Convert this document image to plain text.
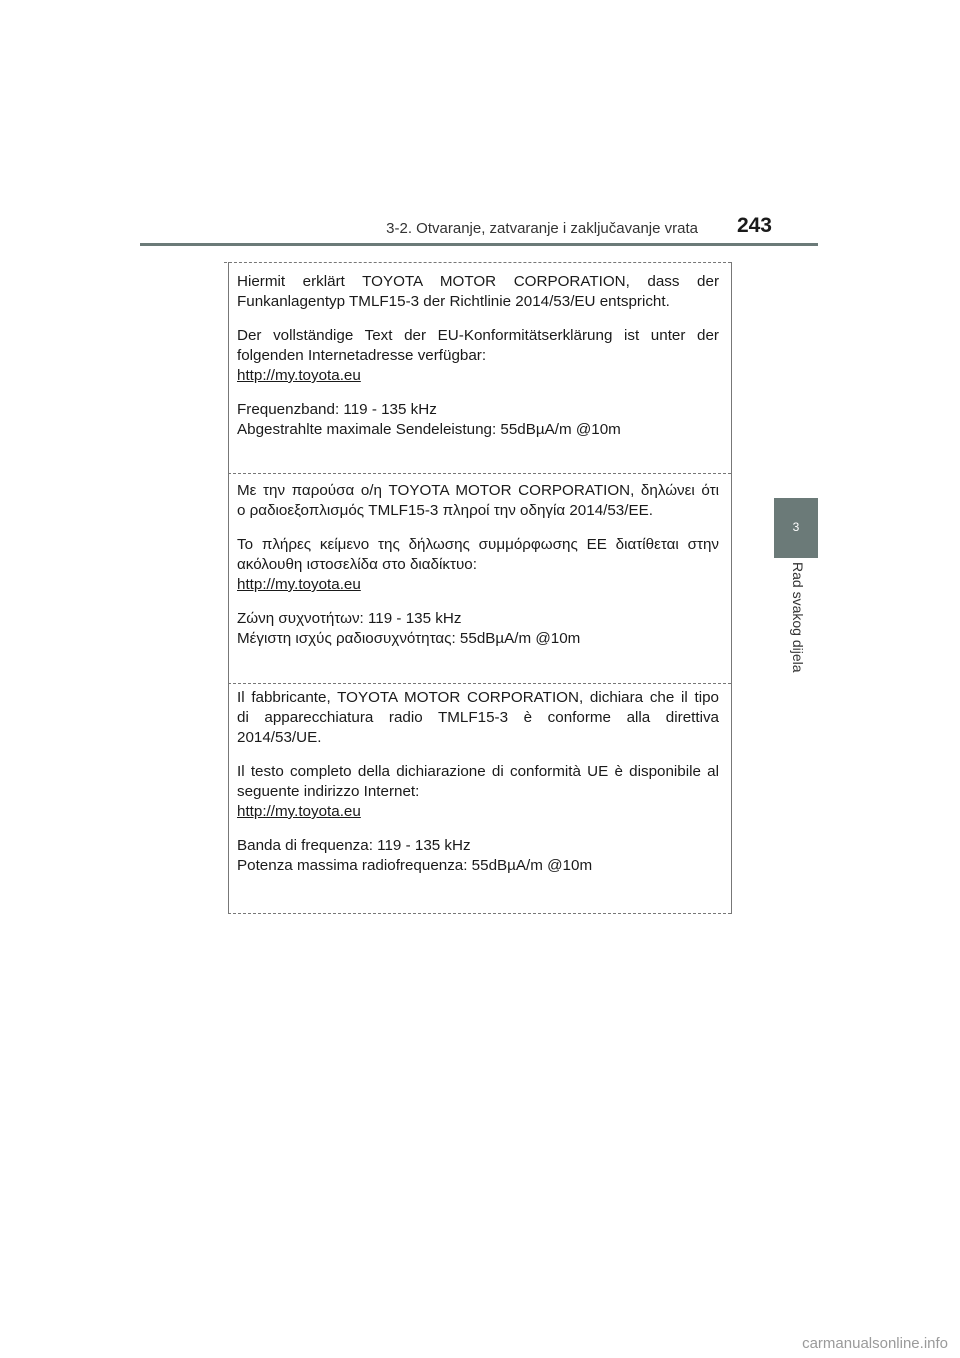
3-2. Otvaranje, zatvaranje i zaključavanje vrata 243
3
Rad svakog dijela

Hiermit erklärt TOYOTA MOTOR CORPORATION, dass der

Funkanlagentyp TMLF15-3 der Richtlinie 2014/53/EU entspricht.

Der vollständige Text der EU-Konformitätserklärung ist unter der

folgenden Internetadresse verfügbar:

http://my.toyota.eu

Frequenzband: 119 - 135 kHz

Abgestrahlte maximale Sendeleistung: 55dBµA/m @10m

Με την παρούσα ο/η TOYOTA MOTOR CORPORATION, δηλώνει ότι

ο ραδιοεξοπλισμός TMLF15-3 πληροί την οδηγία 2014/53/EE.

Το πλήρες κείμενο της δήλωσης συμμόρφωσης ΕΕ διατίθεται στην

ακόλουθη ιστοσελίδα στο διαδίκτυο:

http://my.toyota.eu

Ζώνη συχνοτήτων: 119 - 135 kHz

Μέγιστη ισχύς ραδιοσυχνότητας: 55dBµA/m @10m

Il fabbricante, TOYOTA MOTOR CORPORATION, dichiara che il tipo

di apparecchiatura radio TMLF15-3 è conforme alla direttiva

2014/53/UE.

Il testo completo della dichiarazione di conformità UE è disponibile al

seguente indirizzo Internet:

http://my.toyota.eu

Banda di frequenza: 119 - 135 kHz

Potenza massima radiofrequenza: 55dBµA/m @10m

carmanualsonline.info
